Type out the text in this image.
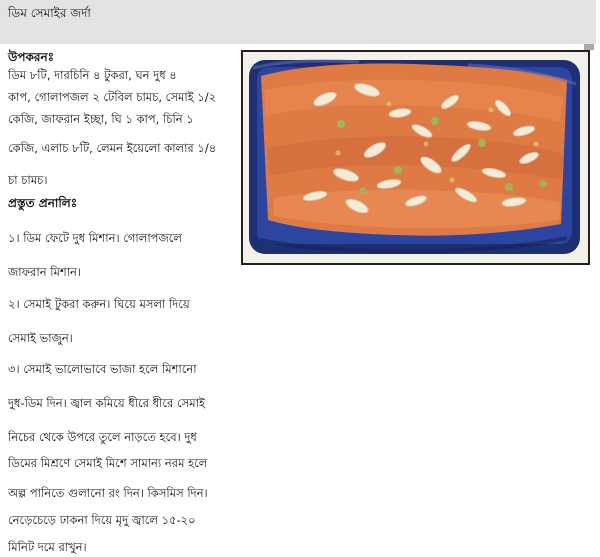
ডিম সেমাইর জর্দা
উপকরনঃ
ডিম ৮টি, দারচিনি ৪ টুকরা, ঘন দুধ ৪
কাপ, গোলাপজল ২ টেবিল চামচ, সেমাই ১/২
কেজি, জাফরান ইচ্ছা, ঘি ১ কাপ, চিনি ১
কেজি, এলাচ ৮টি, লেমন ইয়েলো কালার ১/৪
চা চামচ।
প্রস্তুত প্রনালিঃ
১। ডিম ফেটে দুধ মিশান। গোলাপজলে
জাফরান মিশান।
২। সেমাই টুকরা করুন। ঘিয়ে মসলা দিয়ে
সেমাই ভাজুন।
৩। সেমাই ভালোভাবে ভাজা হলে মিশানো
দুধ-ডিম দিন। জ্বাল কমিয়ে ধীরে ধীরে সেমাই
নিচের থেকে উপরে তুলে নাড়তে হবে। দুধ
ডিমের মিশ্রণে সেমাই মিশে সামান্য নরম হলে
অল্প পানিতে গুলানো রং দিন। কিসমিস দিন।
নেড়েচেড়ে ঢাকনা দিয়ে মৃদু জ্বালে ১৫-২০
মিনিট দমে রাখুন।
